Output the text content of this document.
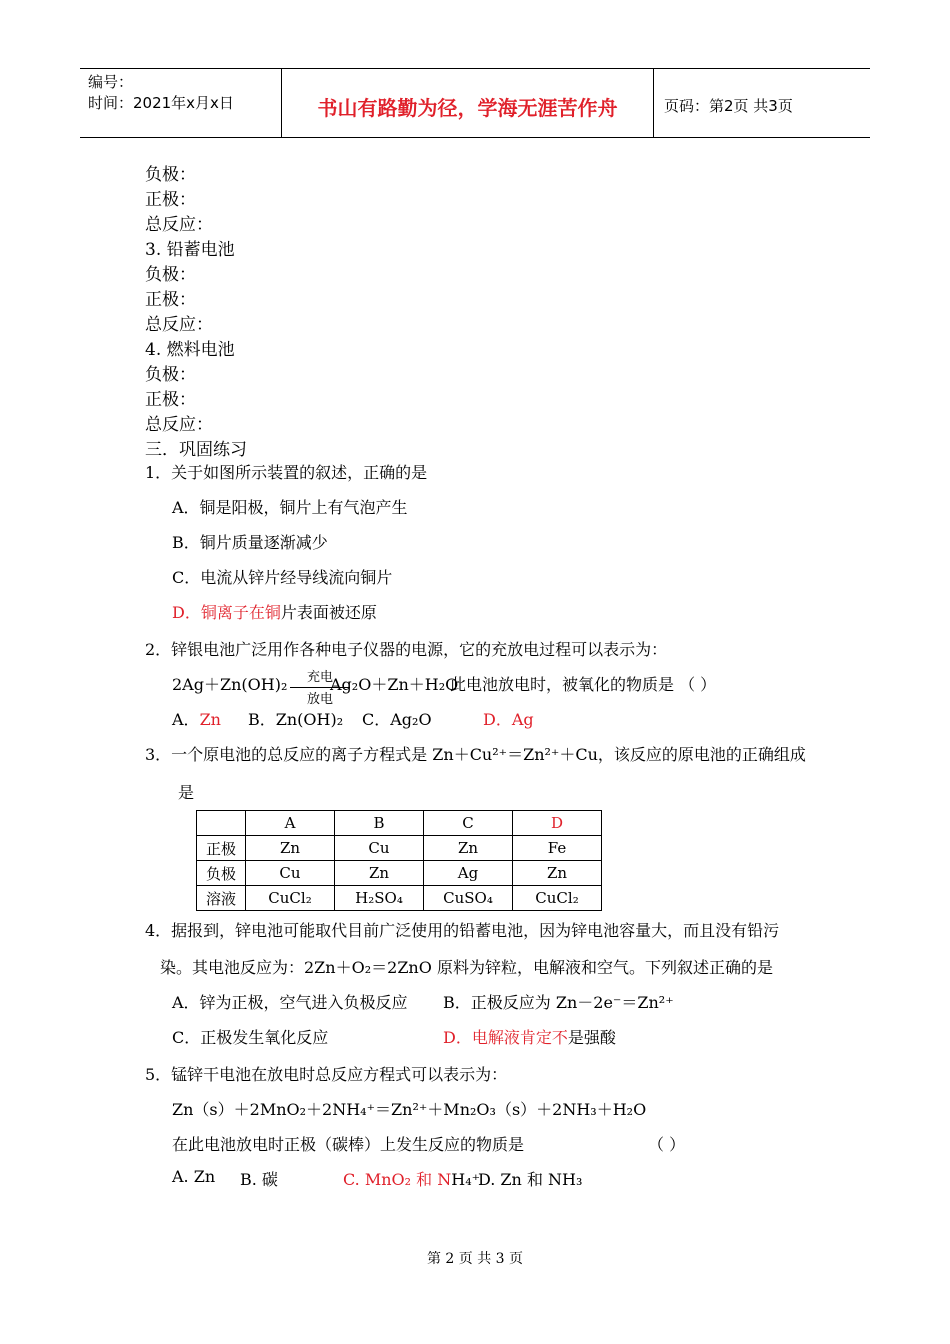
编号：
时间：2021年x月x日	书山有路勤为径，学海无涯苦作舟	页码：第2页 共3页
负极：
正极：
总反应：
3. 铅蓄电池
负极：
正极：
总反应：
4. 燃料电池
负极：
正极：
总反应：
三．巩固练习
1．关于如图所示装置的叙述，正确的是
A．铜是阳极，铜片上有气泡产生
B．铜片质量逐渐减少
C．电流从锌片经导线流向铜片
D．铜离子在铜片表面被还原
2．锌银电池广泛用作各种电子仪器的电源，它的充放电过程可以表示为：
2Ag＋Zn(OH)₂	充电
放电
Ag₂O＋Zn＋H₂O
此电池放电时，被氧化的物质是 （ ）
A．Zn B．Zn(OH)₂ C．Ag₂O	D．Ag
3．一个原电池的总反应的离子方程式是 Zn＋Cu²⁺＝Zn²⁺＋Cu，该反应的原电池的正确组成
是
	A	B	C	D
正极	Zn	Cu	Zn	Fe
负极	Cu	Zn	Ag	Zn
溶液	CuCl₂	H₂SO₄	CuSO₄	CuCl₂
4．据报到，锌电池可能取代目前广泛使用的铅蓄电池，因为锌电池容量大，而且没有铅污
染。其电池反应为：2Zn＋O₂＝2ZnO 原料为锌粒，电解液和空气。下列叙述正确的是
A．锌为正极，空气进入负极反应 B．正极反应为 Zn－2e⁻＝Zn²⁺
C．正极发生氧化反应	D．电解液肯定不是强酸
5．锰锌干电池在放电时总反应方程式可以表示为：
Zn（s）＋2MnO₂＋2NH₄⁺＝Zn²⁺＋Mn₂O₃（s）＋2NH₃＋H₂O
在此电池放电时正极（碳棒）上发生反应的物质是	（ ）
A. Zn B. 碳	C. MnO₂ 和 NH₄⁺
D. Zn 和 NH₃
第 2 页 共 3 页
